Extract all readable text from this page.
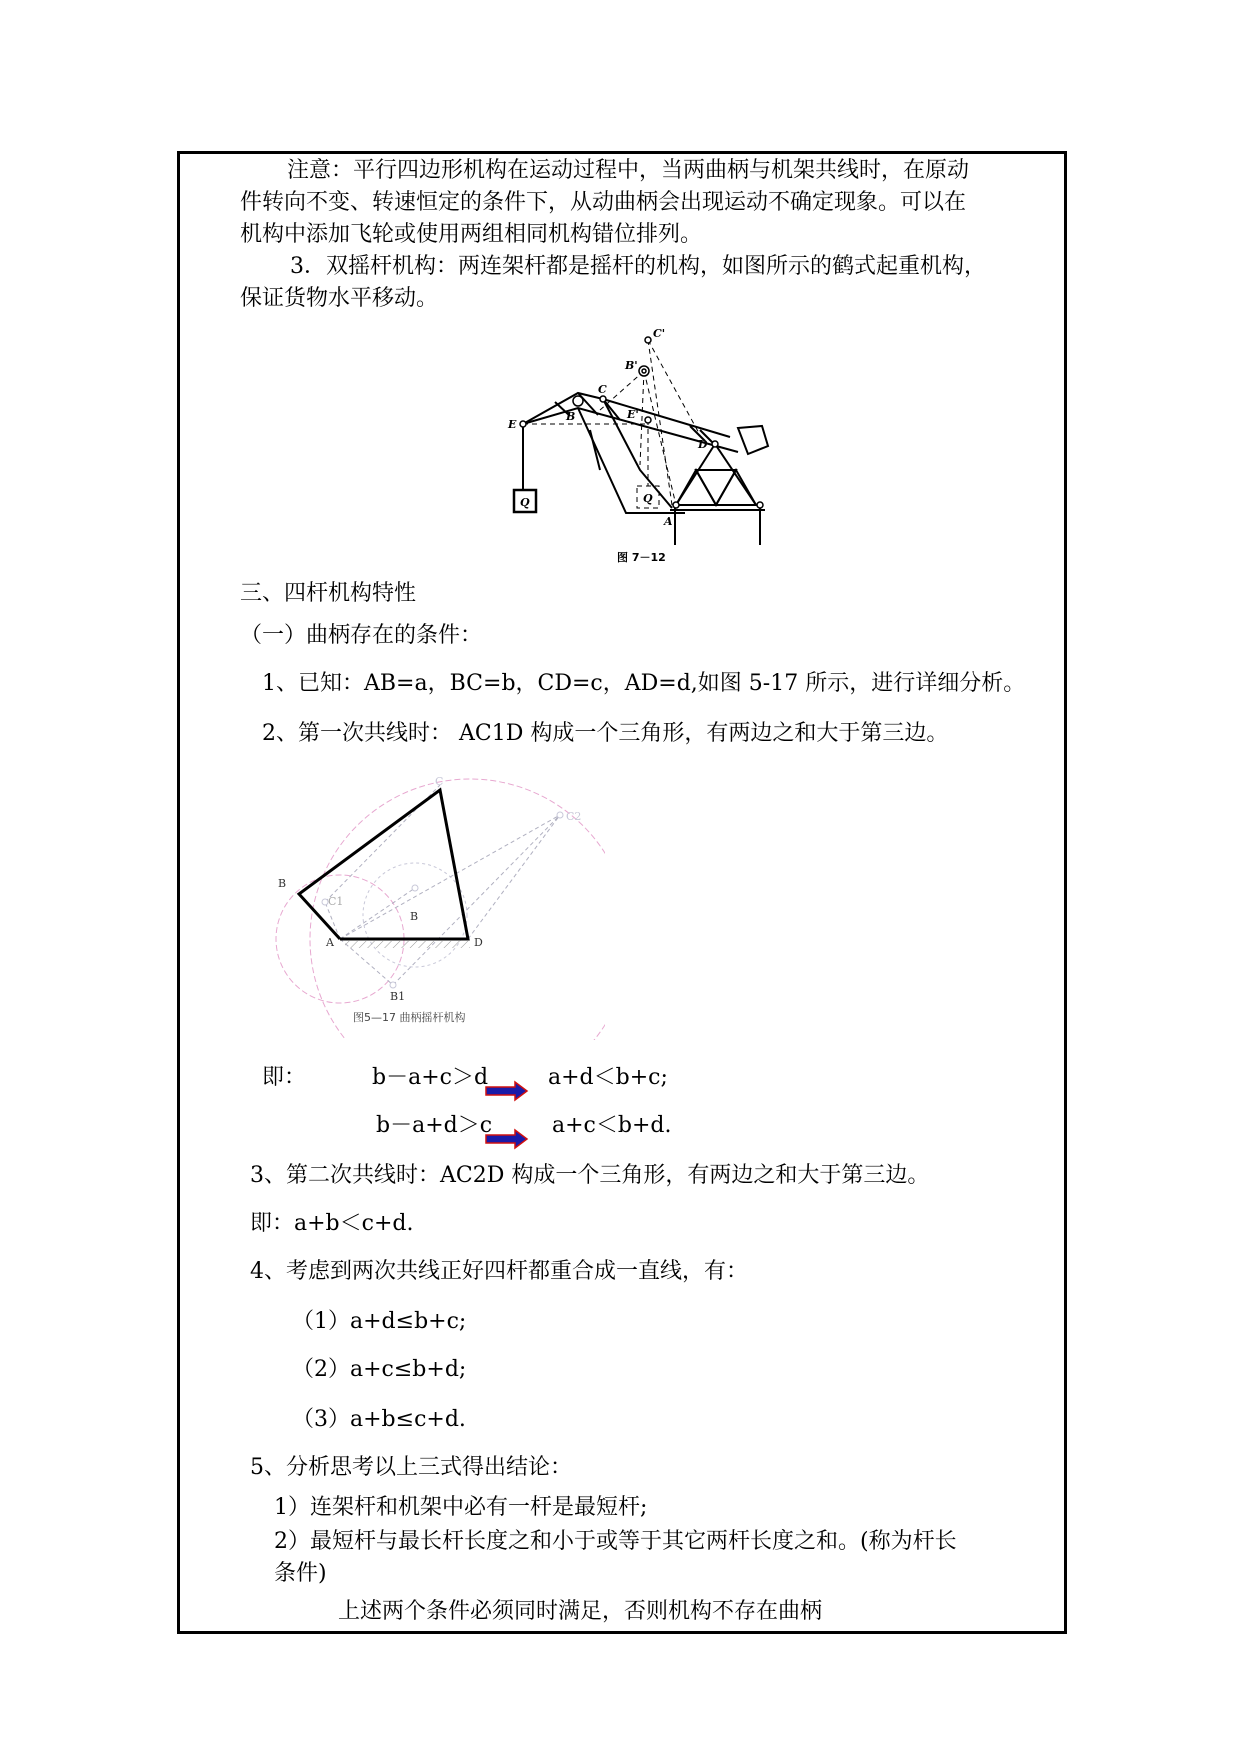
注意：平行四边形机构在运动过程中，当两曲柄与机架共线时，在原动
件转向不变、转速恒定的条件下，从动曲柄会出现运动不确定现象。可以在
机构中添加飞轮或使用两组相同机构错位排列。
3．双摇杆机构：两连架杆都是摇杆的机构，如图所示的鹤式起重机构，
保证货物水平移动。
C'
B'
C
E
B	E'
D
Q	Q
A
图 7－12
三、四杆机构特性
（一）曲柄存在的条件：
1、已知：AB=a，BC=b，CD=c，AD=d,如图 5-17 所示，进行详细分析。
2、第一次共线时： AC1D 构成一个三角形，有两边之和大于第三边。
B
C
C2
C1
B
A	D
B1
图5—17 曲柄摇杆机构
即：	b－a+c＞d	a+d＜b+c;
b－a+d＞c	a+c＜b+d.
3、第二次共线时：AC2D 构成一个三角形，有两边之和大于第三边。
即：a+b＜c+d.
4、考虑到两次共线正好四杆都重合成一直线，有：
（1）a+d≤b+c;
（2）a+c≤b+d;
（3）a+b≤c+d.
5、分析思考以上三式得出结论：
1）连架杆和机架中必有一杆是最短杆;
2）最短杆与最长杆长度之和小于或等于其它两杆长度之和。(称为杆长
条件)
上述两个条件必须同时满足，否则机构不存在曲柄
